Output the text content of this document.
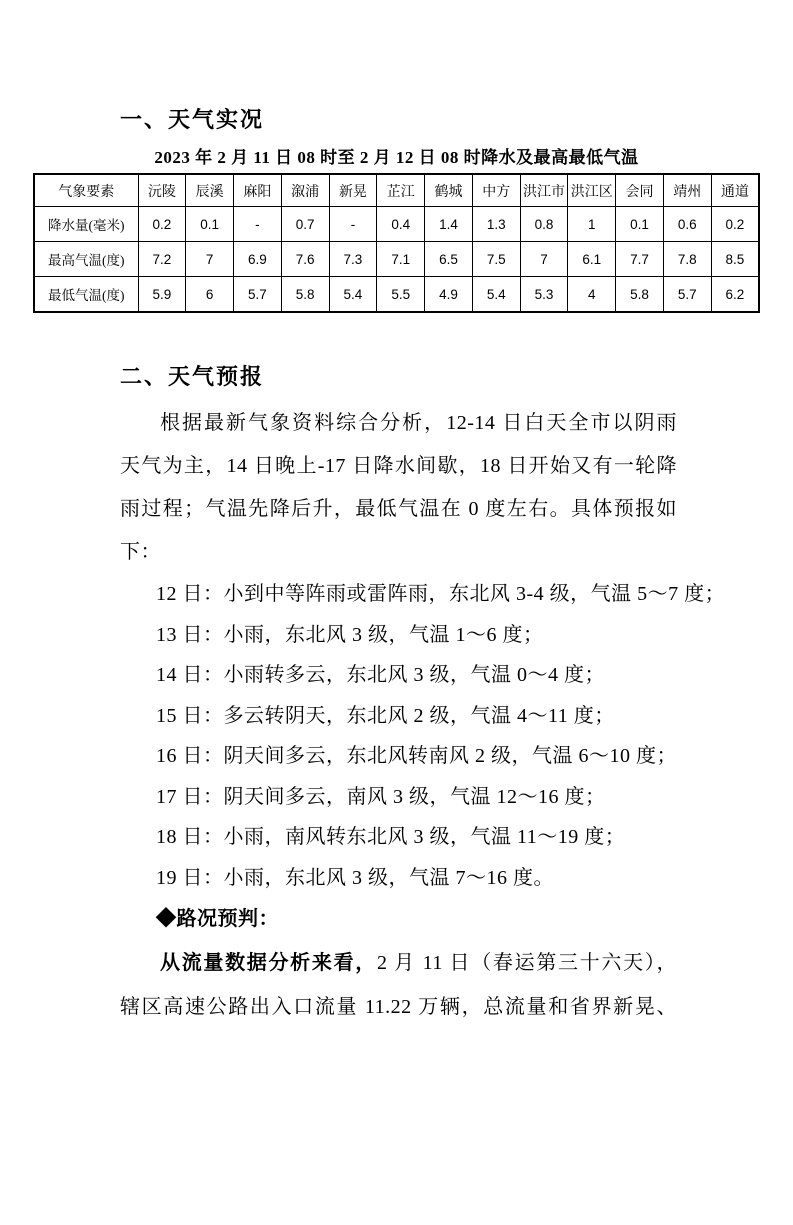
一、天气实况
2023 年 2 月 11 日 08 时至 2 月 12 日 08 时降水及最高最低气温
气象要素	沅陵	辰溪	麻阳	溆浦	新晃	芷江	鹤城	中方	洪江市	洪江区	会同	靖州	通道
降水量(毫米)	0.2	0.1	-	0.7	-	0.4	1.4	1.3	0.8	1	0.1	0.6	0.2
最高气温(度)	7.2	7	6.9	7.6	7.3	7.1	6.5	7.5	7	6.1	7.7	7.8	8.5
最低气温(度)	5.9	6	5.7	5.8	5.4	5.5	4.9	5.4	5.3	4	5.8	5.7	6.2
二、天气预报
根据最新气象资料综合分析，12-14 日白天全市以阴雨
天气为主，14 日晚上-17 日降水间歇，18 日开始又有一轮降
雨过程；气温先降后升，最低气温在 0 度左右。具体预报如
下：
12 日：小到中等阵雨或雷阵雨，东北风 3-4 级，气温 5～7 度；
13 日：小雨，东北风 3 级，气温 1～6 度；
14 日：小雨转多云，东北风 3 级，气温 0～4 度；
15 日：多云转阴天，东北风 2 级，气温 4～11 度；
16 日：阴天间多云，东北风转南风 2 级，气温 6～10 度；
17 日：阴天间多云，南风 3 级，气温 12～16 度；
18 日：小雨，南风转东北风 3 级，气温 11～19 度；
19 日：小雨，东北风 3 级，气温 7～16 度。
◆路况预判：
从流量数据分析来看，2 月 11 日（春运第三十六天），
辖区高速公路出入口流量 11.22 万辆，总流量和省界新晃、
